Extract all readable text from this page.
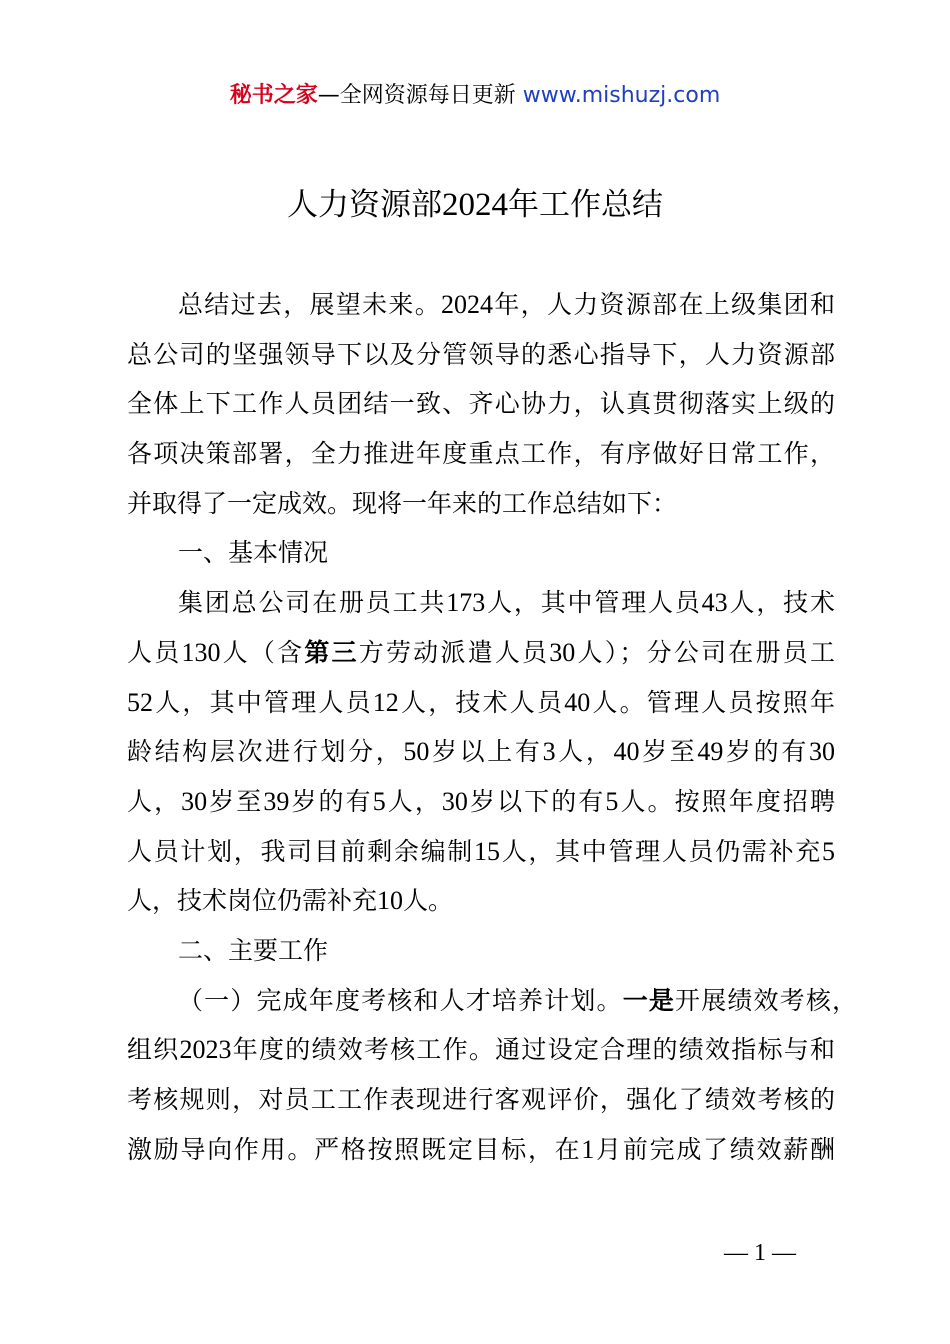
秘书之家—全网资源每日更新 www.mishuzj.com
人力资源部2024年工作总结
总结过去，展望未来。2024年，人力资源部在上级集团和
总公司的坚强领导下以及分管领导的悉心指导下，人力资源部
全体上下工作人员团结一致、齐心协力，认真贯彻落实上级的
各项决策部署，全力推进年度重点工作，有序做好日常工作，
并取得了一定成效。现将一年来的工作总结如下：
一、基本情况
集团总公司在册员工共173人，其中管理人员43人，技术
人员130人（含第三方劳动派遣人员30人）；分公司在册员工
52人，其中管理人员12人，技术人员40人。管理人员按照年
龄结构层次进行划分，50岁以上有3人，40岁至49岁的有30
人，30岁至39岁的有5人，30岁以下的有5人。按照年度招聘
人员计划，我司目前剩余编制15人，其中管理人员仍需补充5
人，技术岗位仍需补充10人。
二、主要工作
（一）完成年度考核和人才培养计划。一是开展绩效考核，
组织2023年度的绩效考核工作。通过设定合理的绩效指标与和
考核规则，对员工工作表现进行客观评价，强化了绩效考核的
激励导向作用。严格按照既定目标，在1月前完成了绩效薪酬
— 1 —
